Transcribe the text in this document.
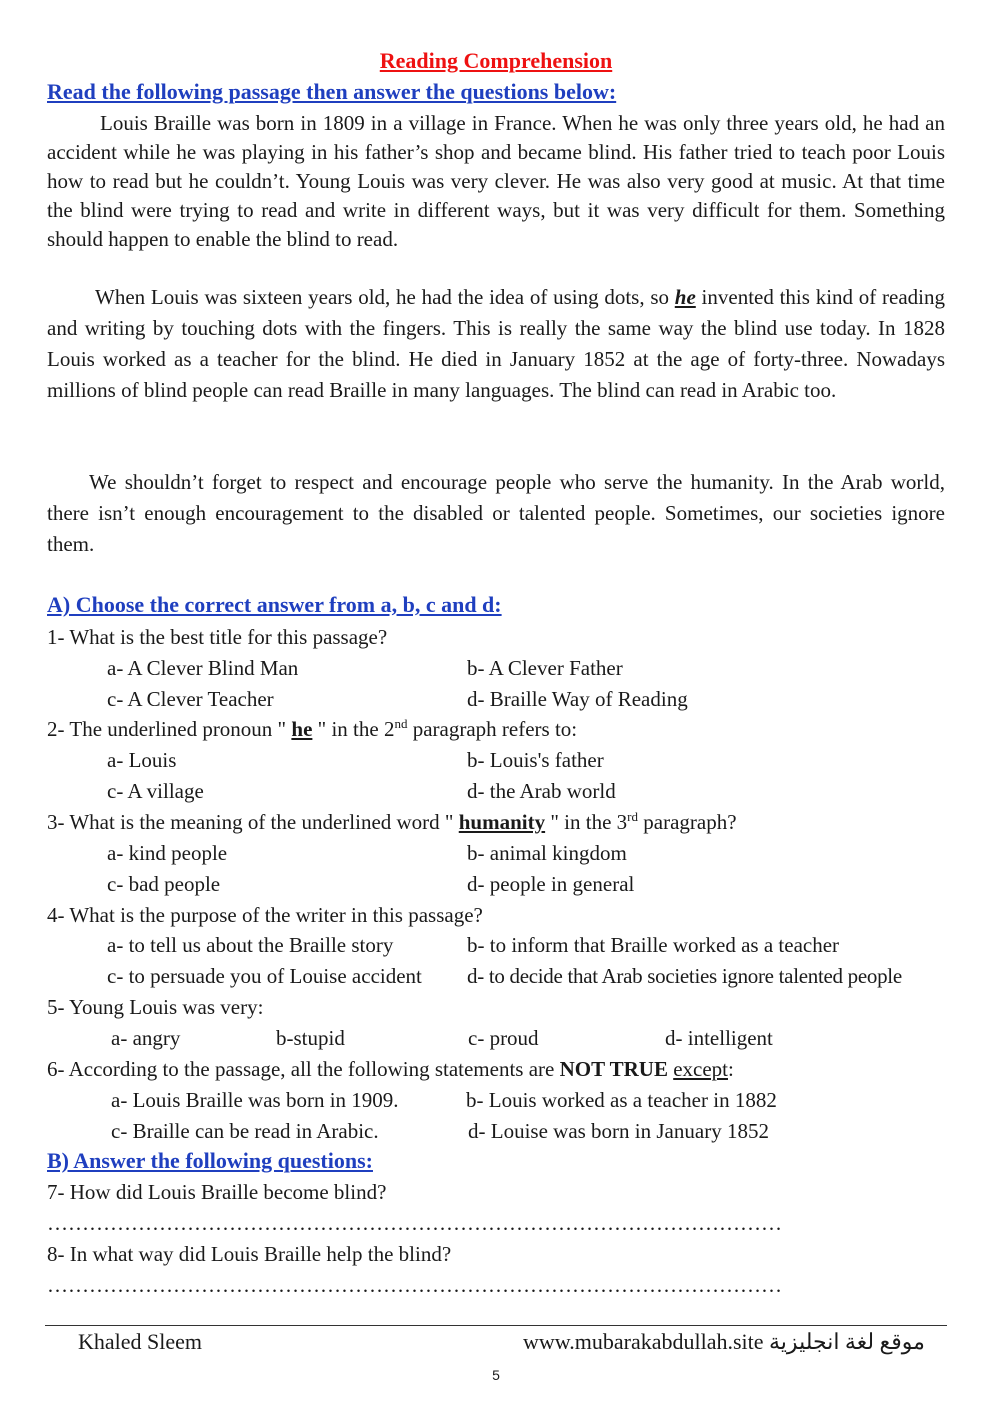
Reading Comprehension
Read the following passage then answer the questions below:
Louis Braille was born in 1809 in a village in France. When he was only three years old, he had an accident while he was playing in his father’s shop and became blind. His father tried to teach poor Louis how to read but he couldn’t. Young Louis was very clever. He was also very good at music. At that time the blind were trying to read and write in different ways, but it was very difficult for them. Something should happen to enable the blind to read.
When Louis was sixteen years old, he had the idea of using dots, so he invented this kind of reading and writing by touching dots with the fingers. This is really the same way the blind use today. In 1828 Louis worked as a teacher for the blind. He died in January 1852 at the age of forty-three. Nowadays millions of blind people can read Braille in many languages. The blind can read in Arabic too.
We shouldn’t forget to respect and encourage people who serve the humanity. In the Arab world, there isn’t enough encouragement to the disabled or talented people. Sometimes, our societies ignore them.
A) Choose the correct answer from a, b, c and d:
1- What is the best title for this passage?
a- A Clever Blind Man	b- A Clever Father
c- A Clever Teacher	d- Braille Way of Reading
2- The underlined pronoun " he " in the 2nd paragraph refers to:
a- Louis	b- Louis's father
c- A village	d- the Arab world
3- What is the meaning of the underlined word " humanity " in the 3rd paragraph?
a- kind people	b- animal kingdom
c- bad people	d- people in general
4- What is the purpose of the writer in this passage?
a- to tell us about the Braille story	b- to inform that Braille worked as a teacher
c- to persuade you of Louise accident d- to decide that Arab societies ignore talented people
5- Young Louis was very:
a- angry	b-stupid	c- proud	d- intelligent
6- According to the passage, all the following statements are NOT TRUE except:
a- Louis Braille was born in 1909.	b- Louis worked as a teacher in 1882
c- Braille can be read in Arabic.	d- Louise was born in January 1852
B) Answer the following questions:
7- How did Louis Braille become blind?
……………………………………………………………………………………………
8- In what way did Louis Braille help the blind?
……………………………………………………………………………………………
Khaled Sleem	www.mubarakabdullah.site موقع لغة انجليزية
5
